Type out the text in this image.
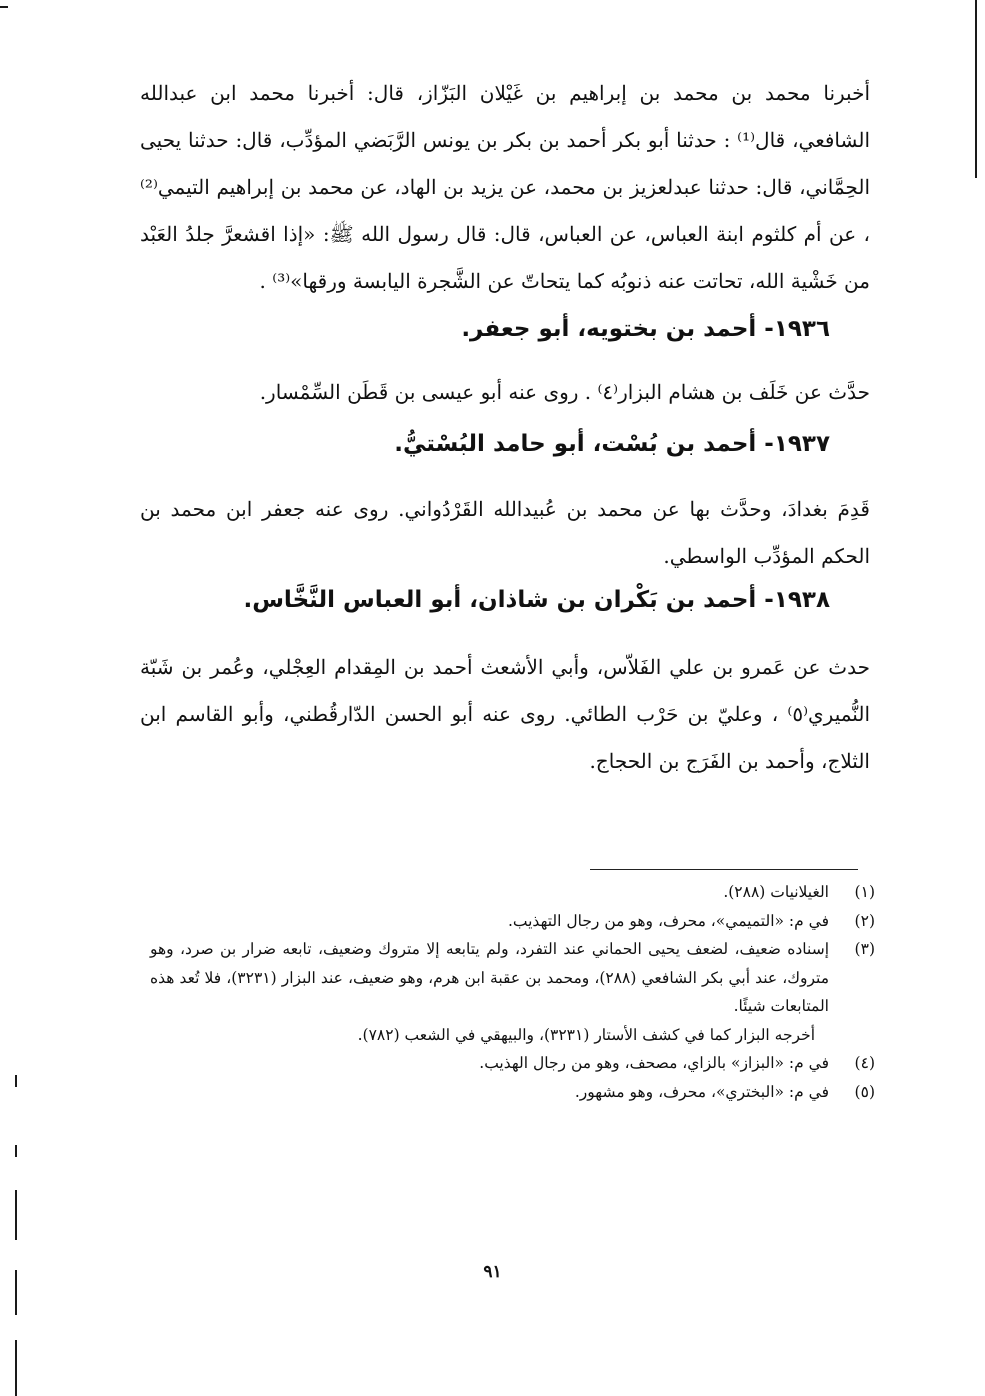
أخبرنا محمد بن محمد بن إبراهيم بن غَيْلان البَزّاز، قال: أخبرنا محمد ابن عبدالله الشافعي، قال⁽¹⁾ : حدثنا أبو بكر أحمد بن بكر بن يونس الرَّبَضي المؤدِّب، قال: حدثنا يحيى الحِمَّاني، قال: حدثنا عبدلعزيز بن محمد، عن يزيد بن الهاد، عن محمد بن إبراهيم التيمي⁽²⁾ ، عن أم كلثوم ابنة العباس، عن العباس، قال: قال رسول الله ﷺ: «إذا اقشعرَّ جلدُ العَبْد من خَشْية الله، تحاتت عنه ذنوبُه كما يتحاتّ عن الشَّجرة اليابسة ورقها»⁽³⁾ .

١٩٣٦- أحمد بن بختويه، أبو جعفر.

حدَّث عن خَلَف بن هشام البزار⁽٤⁾ . روى عنه أبو عيسى بن قَطَن السِّمْسار.

١٩٣٧- أحمد بن بُسْت، أبو حامد البُسْتيُّ.

قَدِمَ بغدادَ، وحدَّث بها عن محمد بن عُبيدالله القَرْدُواني. روى عنه جعفر ابن محمد بن الحكم المؤدِّب الواسطي.

١٩٣٨- أحمد بن بَكْران بن شاذان، أبو العباس النَّخَّاس.

حدث عن عَمرو بن علي الفَلاّس، وأبي الأشعث أحمد بن المِقدام العِجْلي، وعُمر بن شَبّة النُّميري⁽٥⁾ ، وعليّ بن حَرْب الطائي. روى عنه أبو الحسن الدّارقُطني، وأبو القاسم ابن الثلاج، وأحمد بن الفَرَج بن الحجاج.

(١)
الغيلانيات (٢٨٨).
(٢)
في م: «التميمي»، محرف، وهو من رجال التهذيب.
(٣)
إسناده ضعيف، لضعف يحيى الحماني عند التفرد، ولم يتابعه إلا متروك وضعيف، تابعه ضرار بن صرد، وهو متروك، عند أبي بكر الشافعي (٢٨٨)، ومحمد بن عقبة ابن هرم، وهو ضعيف، عند البزار (٣٢٣١)، فلا تُعد هذه المتابعات شيئًا.
أخرجه البزار كما في كشف الأستار (٣٢٣١)، والبيهقي في الشعب (٧٨٢).
(٤)
في م: «البزاز» بالزاي، مصحف، وهو من رجال الهذيب.
(٥)
في م: «البختري»، محرف، وهو مشهور.
٩١
